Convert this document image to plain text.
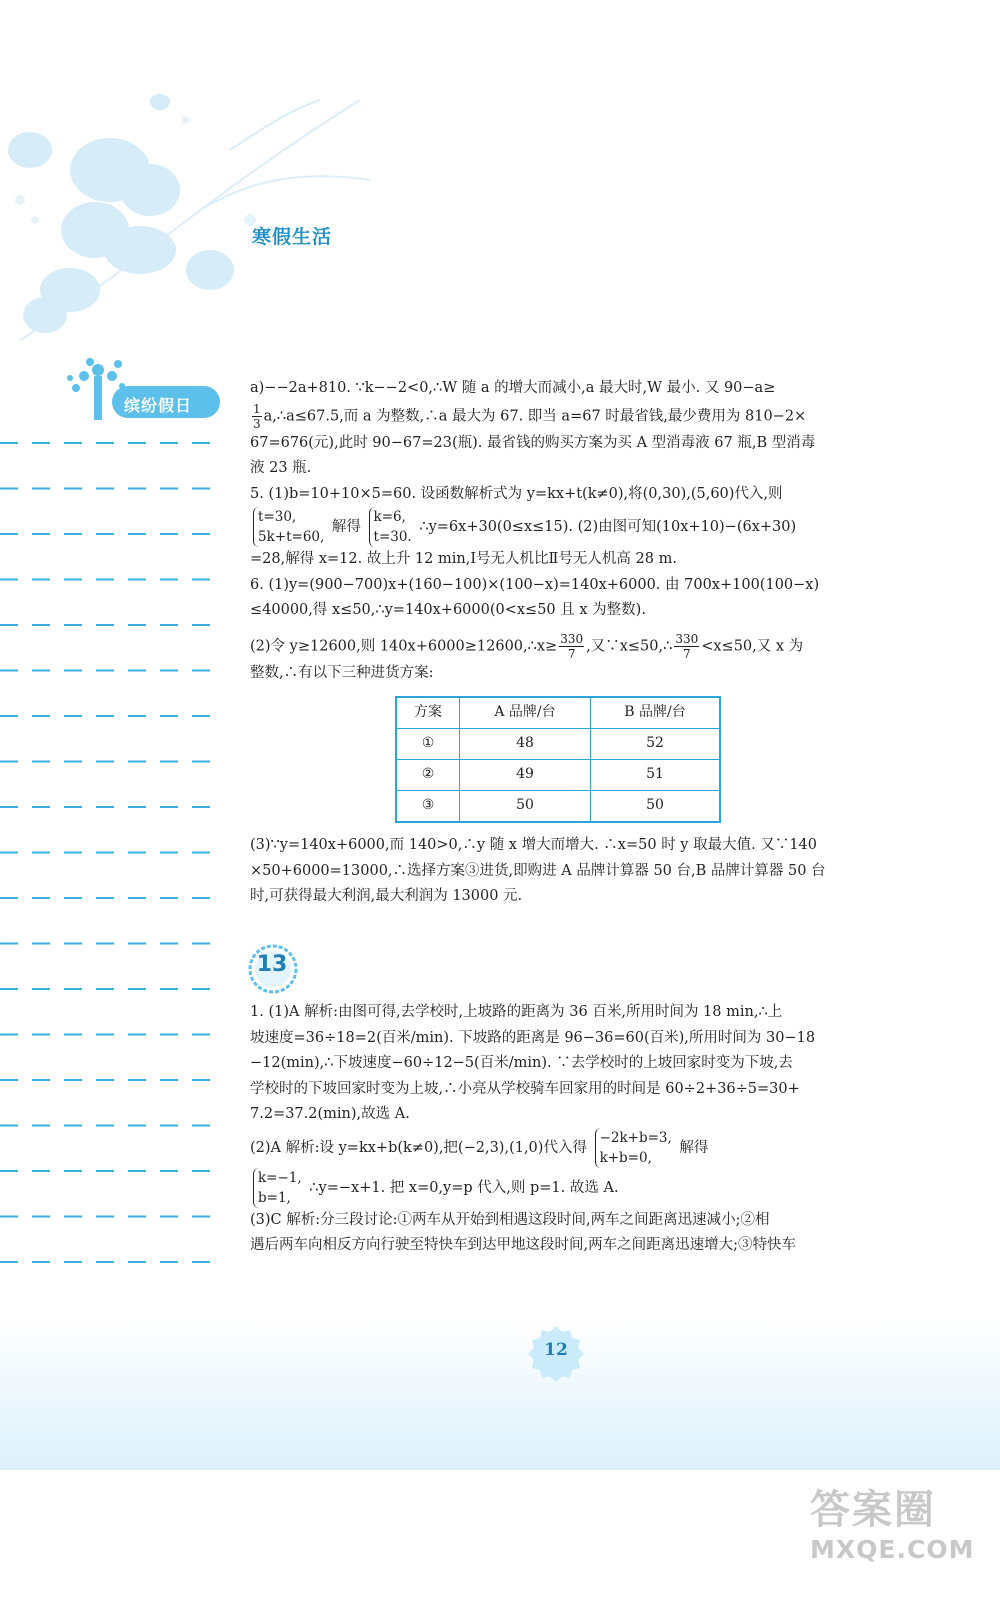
寒假生活
缤纷假日

a)−−2a+810. ∵k−−2<0,∴W 随 a 的增大而减小,a 最大时,W 最小. 又 90−a≥

$\frac{1}{3}$ a,∴a≤67.5,而 a 为整数,∴a 最大为 67. 即当 a=67 时最省钱,最少费用为 810−2×

67=676(元),此时 90−67=23(瓶). 最省钱的购买方案为买 A 型消毒液 67 瓶,B 型消毒

液 23 瓶.

5. (1)b=10+10×5=60. 设函数解析式为 y=kx+t(k≠0),将(0,30),(5,60)代入,则

t=30,
5k+t=60,
解得
k=6,
t=30.
∴y=6x+30(0≤x≤15). (2)由图可知(10x+10)−(6x+30)

=28,解得 x=12. 故上升 12 min,Ⅰ号无人机比Ⅱ号无人机高 28 m.

6. (1)y=(900−700)x+(160−100)×(100−x)=140x+6000. 由 700x+100(100−x)

≤40000,得 x≤50,∴y=140x+6000(0<x≤50 且 x 为整数).

(2)令 y≥12600,则 140x+6000≥12600,∴x≥ $\frac{330}{7}$ ,又∵x≤50,∴ $\frac{330}{7} <x\le 50$,又 x 为

整数,∴有以下三种进货方案:

方案	A 品牌/台	B 品牌/台
①	48	52
②	49	51
③	50	50

(3)∵y=140x+6000,而 140>0,∴y 随 x 增大而增大. ∴x=50 时 y 取最大值. 又∵140

×50+6000=13000,∴选择方案③进货,即购进 A 品牌计算器 50 台,B 品牌计算器 50 台

时,可获得最大利润,最大利润为 13000 元.

13

1. (1)A 解析:由图可得,去学校时,上坡路的距离为 36 百米,所用时间为 18 min,∴上

坡速度=36÷18=2(百米/min). 下坡路的距离是 96−36=60(百米),所用时间为 30−18

−12(min),∴下坡速度−60÷12−5(百米/min). ∵去学校时的上坡回家时变为下坡,去

学校时的下坡回家时变为上坡,∴小亮从学校骑车回家用的时间是 60÷2+36÷5=30+

7.2=37.2(min),故选 A.

(2)A 解析:设 y=kx+b(k≠0),把(−2,3),(1,0)代入得
−2k+b=3,
k+b=0,
解得

k=−1,
b=1,
∴y=−x+1. 把 x=0,y=p 代入,则 p=1. 故选 A.

(3)C 解析:分三段讨论:①两车从开始到相遇这段时间,两车之间距离迅速减小;②相

遇后两车向相反方向行驶至特快车到达甲地这段时间,两车之间距离迅速增大;③特快车

12
答案圈
MXQE.COM
